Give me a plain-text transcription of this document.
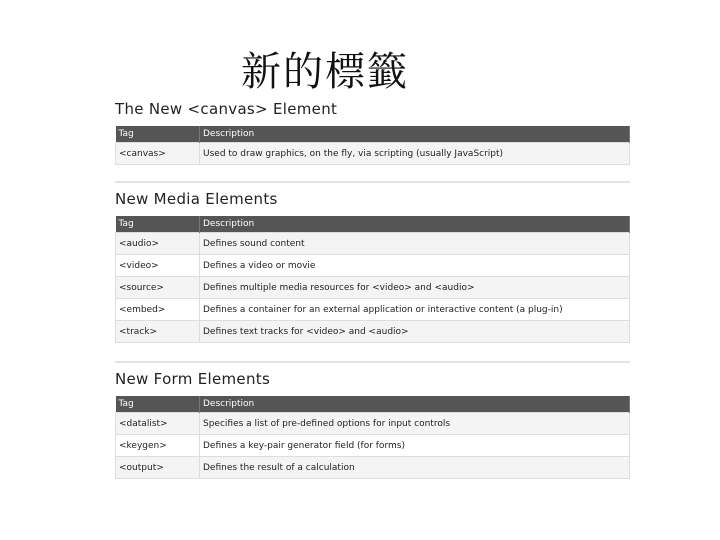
新的標籤
The New <canvas> Element
Tag	Description
<canvas>	Used to draw graphics, on the fly, via scripting (usually JavaScript)
New Media Elements
Tag	Description
<audio>	Defines sound content
<video>	Defines a video or movie
<source>	Defines multiple media resources for <video> and <audio>
<embed>	Defines a container for an external application or interactive content (a plug-in)
<track>	Defines text tracks for <video> and <audio>
New Form Elements
Tag	Description
<datalist>	Specifies a list of pre-defined options for input controls
<keygen>	Defines a key-pair generator field (for forms)
<output>	Defines the result of a calculation
